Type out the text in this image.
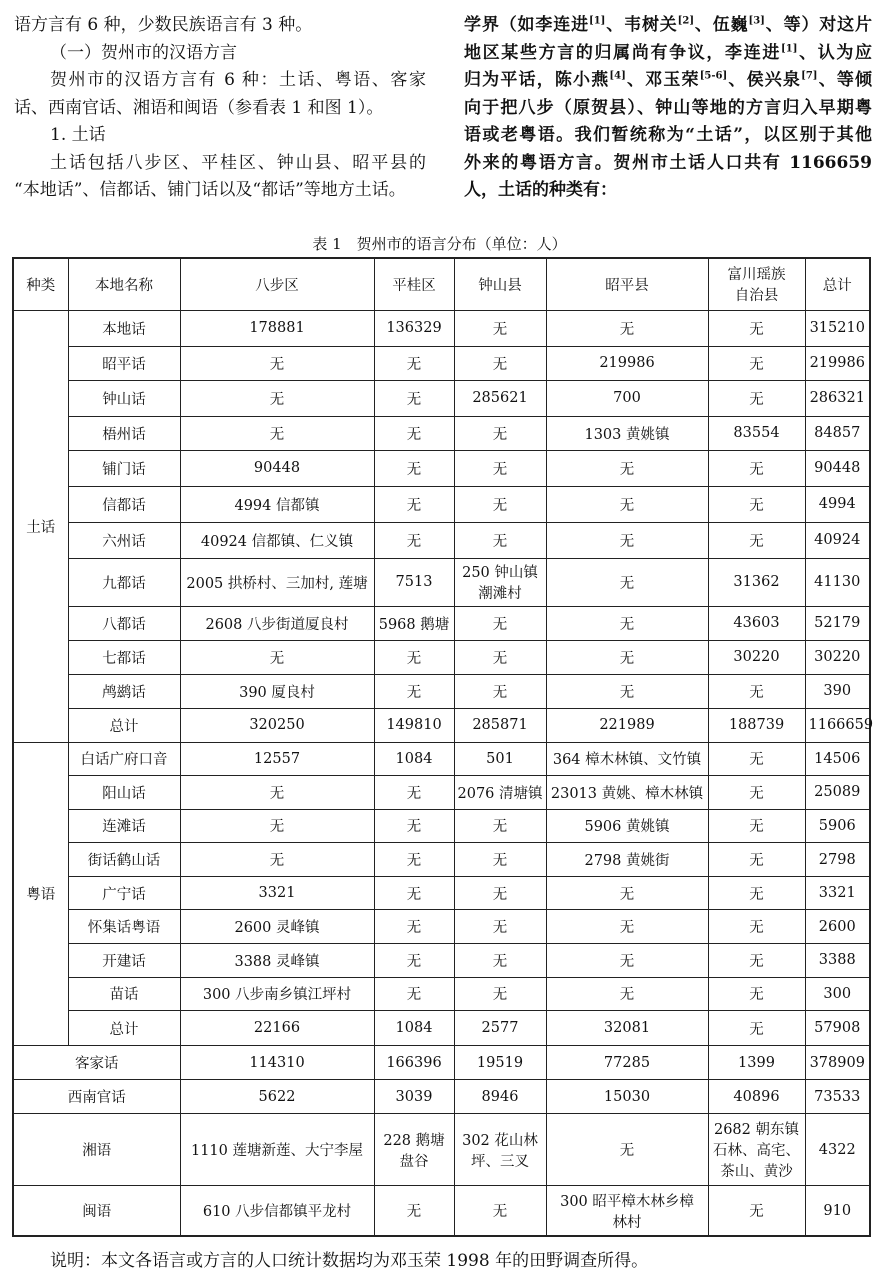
语方言有 6 种，少数民族语言有 3 种。

（一）贺州市的汉语方言

贺州市的汉语方言有 6 种：土话、粤语、客家

话、西南官话、湘语和闽语（参看表 1 和图 1）。

1. 土话

土话包括八步区、平桂区、钟山县、昭平县的

“本地话”、信都话、铺门话以及“都话”等地方土话。

学界（如李连进[1]、韦树关[2]、伍巍[3]、等）对这片

地区某些方言的归属尚有争议，李连进[1]、认为应

归为平话，陈小燕[4]、邓玉荣[5-6]、侯兴泉[7]、等倾

向于把八步（原贺县）、钟山等地的方言归入早期粤

语或老粤语。我们暂统称为“土话”，以区别于其他

外来的粤语方言。贺州市土话人口共有 1166659

人，土话的种类有：

表 1　贺州市的语言分布（单位：人）
种类	本地名称	八步区	平桂区	钟山县	昭平县	富川瑶族
自治县	总计
土话	本地话	178881	136329	无	无	无	315210
	昭平话	无	无	无	219986	无	219986
	钟山话	无	无	285621	700	无	286321
	梧州话	无	无	无	1303 黄姚镇	83554	84857
	铺门话	90448	无	无	无	无	90448
	信都话	4994 信都镇	无	无	无	无	4994
	六州话	40924 信都镇、仁义镇	无	无	无	无	40924
	九都话	2005 拱桥村、三加村, 莲塘	7513	250 钟山镇
潮滩村	无	31362	41130
	八都话	2608 八步街道厦良村	5968 鹅塘	无	无	43603	52179
	七都话	无	无	无	无	30220	30220
	鸬鹚话	390 厦良村	无	无	无	无	390
	总计	320250	149810	285871	221989	188739	1166659
粤语	白话广府口音	12557	1084	501	364 樟木林镇、文竹镇	无	14506
	阳山话	无	无	2076 清塘镇	23013 黄姚、樟木林镇	无	25089
	连滩话	无	无	无	5906 黄姚镇	无	5906
	街话鹤山话	无	无	无	2798 黄姚街	无	2798
	广宁话	3321	无	无	无	无	3321
	怀集话粤语	2600 灵峰镇	无	无	无	无	2600
	开建话	3388 灵峰镇	无	无	无	无	3388
	苗话	300 八步南乡镇江坪村	无	无	无	无	300
	总计	22166	1084	2577	32081	无	57908
客家话		114310	166396	19519	77285	1399	378909
西南官话		5622	3039	8946	15030	40896	73533
湘语		1110 莲塘新莲、大宁李屋	228 鹅塘
盘谷	302 花山林
坪、三叉	无	2682 朝东镇
石林、高宅、
茶山、黄沙	4322
闽语		610 八步信都镇平龙村	无	无	300 昭平樟木林乡樟
林村	无	910
说明：本文各语言或方言的人口统计数据均为邓玉荣 1998 年的田野调查所得。
